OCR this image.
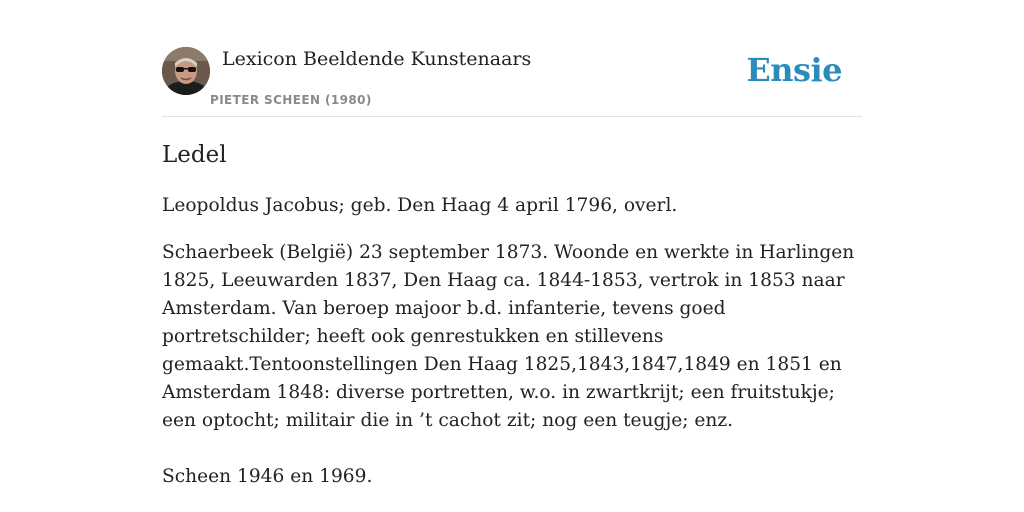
Lexicon Beeldende Kunstenaars
PIETER SCHEEN (1980)
Ensie
Ledel

Leopoldus Jacobus; geb. Den Haag 4 april 1796, overl.

Schaerbeek (België) 23 september 1873. Woonde en werkte in Harlingen 1825, Leeuwarden 1837, Den Haag ca. 1844-1853, vertrok in 1853 naar Amsterdam. Van beroep majoor b.d. infanterie, tevens goed portretschilder; heeft ook genrestukken en stillevens gemaakt.Tentoonstellingen Den Haag 1825,1843,1847,1849 en 1851 en Amsterdam 1848: diverse portretten, w.o. in zwartkrijt; een fruitstukje; een optocht; militair die in ’t cachot zit; nog een teugje; enz.

Scheen 1946 en 1969.
